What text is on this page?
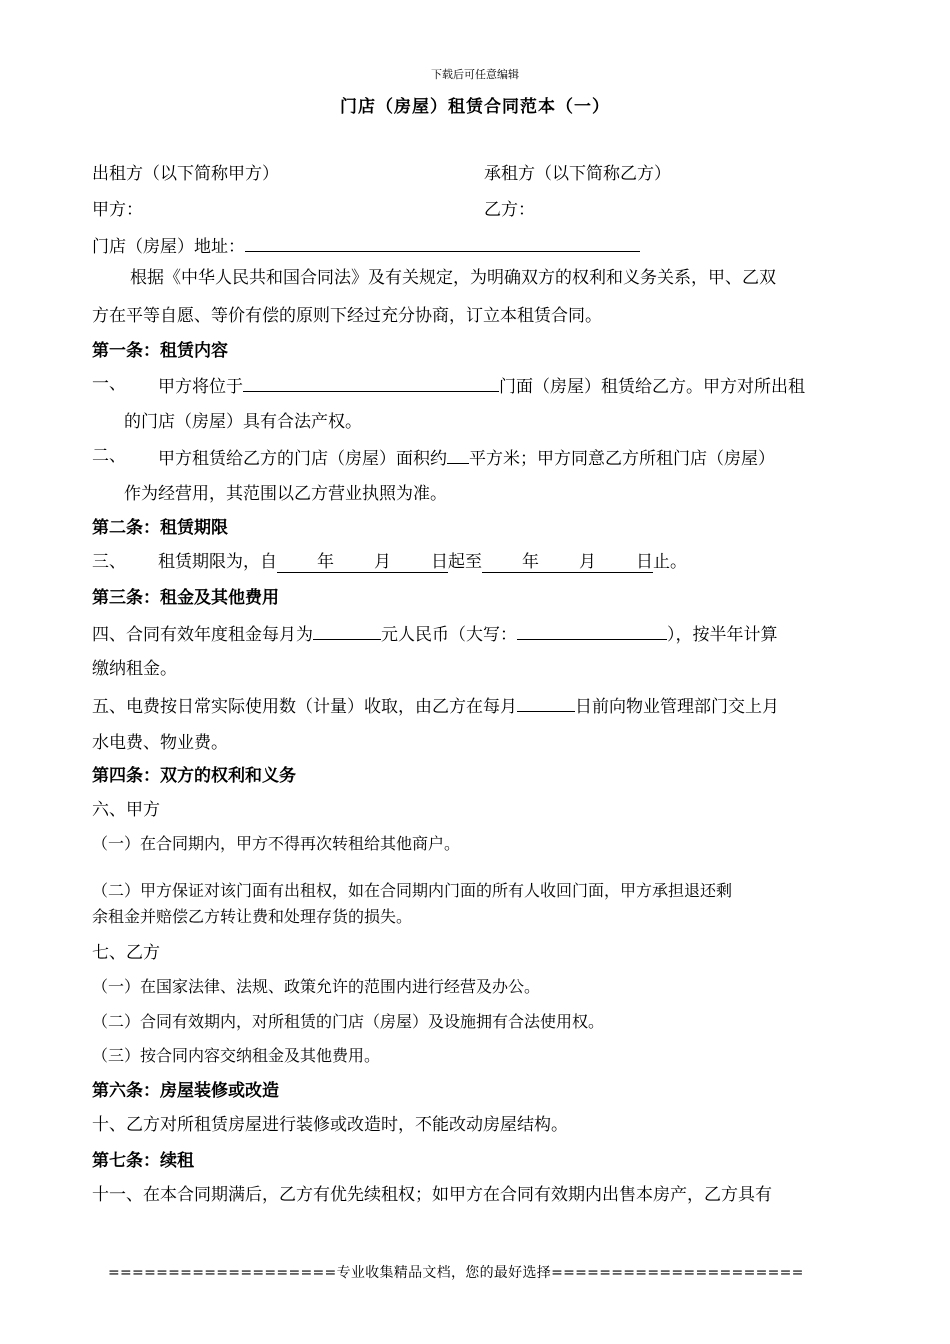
下载后可任意编辑
门店（房屋）租赁合同范本（一）
出租方（以下简称甲方）	承租方（以下简称乙方）
甲方：	乙方：
门店（房屋）地址：
根据《中华人民共和国合同法》及有关规定，为明确双方的权利和义务关系，甲、乙双
方在平等自愿、等价有偿的原则下经过充分协商，订立本租赁合同。
第一条：租赁内容
一、 甲方将位于	门面（房屋）租赁给乙方。甲方对所出租
的门店（房屋）具有合法产权。
二、 甲方租赁给乙方的门店（房屋）面积约 平方米；甲方同意乙方所租门店（房屋）
作为经营用，其范围以乙方营业执照为准。
第二条：租赁期限
三、 租赁期限为，自 年 月 日起至 年 月 日止。
第三条：租金及其他费用
四、合同有效年度租金每月为	元人民币（大写：	），按半年计算
缴纳租金。
五、电费按日常实际使用数（计量）收取，由乙方在每月	日前向物业管理部门交上月
水电费、物业费。
第四条：双方的权利和义务
六、甲方
（一）在合同期内，甲方不得再次转租给其他商户。
（二）甲方保证对该门面有出租权，如在合同期内门面的所有人收回门面，甲方承担退还剩
余租金并赔偿乙方转让费和处理存货的损失。
七、乙方
（一）在国家法律、法规、政策允许的范围内进行经营及办公。
（二）合同有效期内，对所租赁的门店（房屋）及设施拥有合法使用权。
（三）按合同内容交纳租金及其他费用。
第六条：房屋装修或改造
十、乙方对所租赁房屋进行装修或改造时，不能改动房屋结构。
第七条：续租
十一、在本合同期满后，乙方有优先续租权；如甲方在合同有效期内出售本房产，乙方具有
===================专业收集精品文档，您的最好选择=====================
